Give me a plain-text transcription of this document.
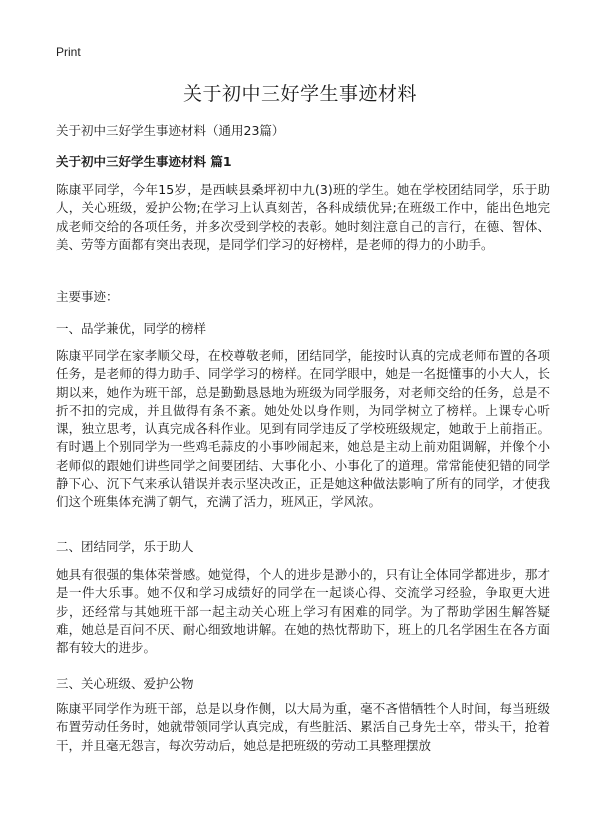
Print
关于初中三好学生事迹材料

关于初中三好学生事迹材料（通用23篇）

关于初中三好学生事迹材料 篇1

陈康平同学，今年15岁，是西峡县桑坪初中九(3)班的学生。她在学校团结同学，乐于助人，关心班级，爱护公物;在学习上认真刻苦，各科成绩优异;在班级工作中，能出色地完成老师交给的各项任务，并多次受到学校的表彰。她时刻注意自己的言行，在德、智体、美、劳等方面都有突出表现，是同学们学习的好榜样，是老师的得力的小助手。

主要事迹：

一、品学兼优，同学的榜样

陈康平同学在家孝顺父母，在校尊敬老师，团结同学，能按时认真的完成老师布置的各项任务，是老师的得力助手、同学学习的榜样。在同学眼中，她是一名挺懂事的小大人，长期以来，她作为班干部，总是勤勤恳恳地为班级为同学服务，对老师交给的任务，总是不折不扣的完成，并且做得有条不紊。她处处以身作则，为同学树立了榜样。上课专心听课，独立思考，认真完成各科作业。见到有同学违反了学校班级规定，她敢于上前指正。有时遇上个别同学为一些鸡毛蒜皮的小事吵闹起来，她总是主动上前劝阻调解，并像个小老师似的跟她们讲些同学之间要团结、大事化小、小事化了的道理。常常能使犯错的同学静下心、沉下气来承认错误并表示坚决改正，正是她这种做法影响了所有的同学，才使我们这个班集体充满了朝气，充满了活力，班风正，学风浓。

二、团结同学，乐于助人

她具有很强的集体荣誉感。她觉得，个人的进步是渺小的，只有让全体同学都进步，那才是一件大乐事。她不仅和学习成绩好的同学在一起谈心得、交流学习经验，争取更大进步，还经常与其她班干部一起主动关心班上学习有困难的同学。为了帮助学困生解答疑难，她总是百问不厌、耐心细致地讲解。在她的热忱帮助下，班上的几名学困生在各方面都有较大的进步。

三、关心班级、爱护公物

陈康平同学作为班干部，总是以身作侧，以大局为重，毫不吝惜牺牲个人时间，每当班级布置劳动任务时，她就带领同学认真完成，有些脏活、累活自己身先士卒，带头干，抢着干，并且毫无怨言，每次劳动后，她总是把班级的劳动工具整理摆放
